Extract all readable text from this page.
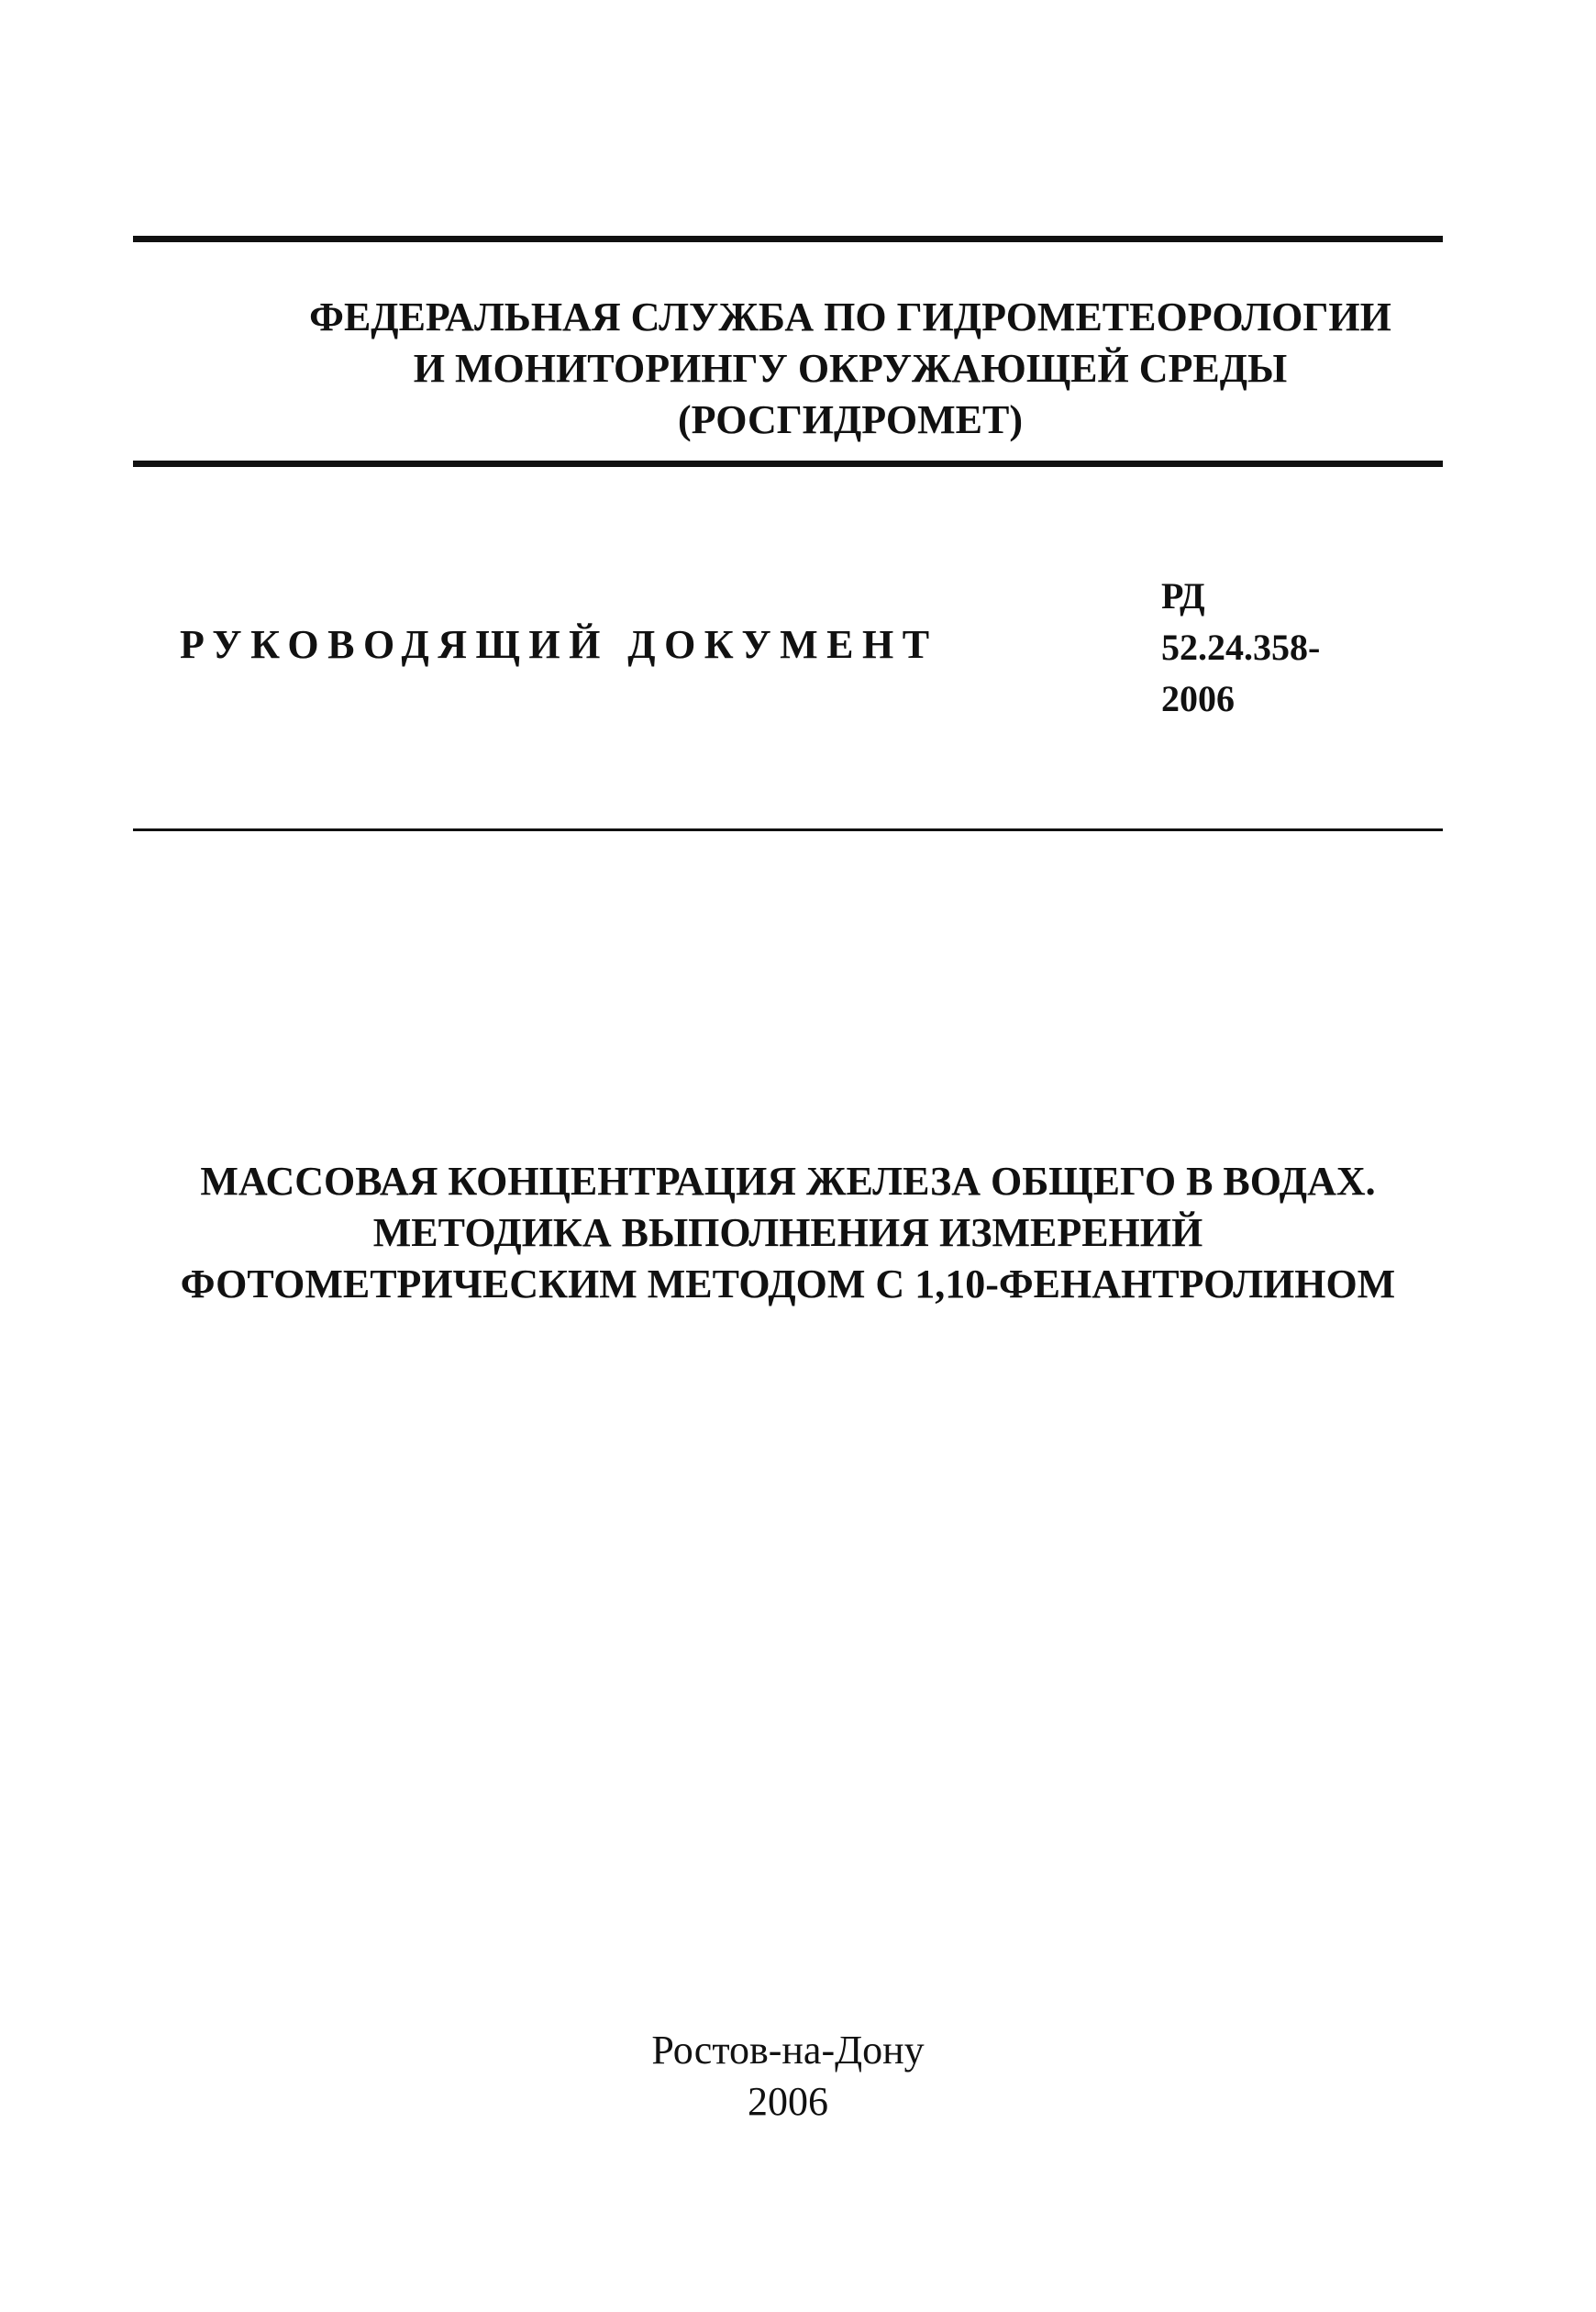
ФЕДЕРАЛЬНАЯ СЛУЖБА ПО ГИДРОМЕТЕОРОЛОГИИ
И МОНИТОРИНГУ ОКРУЖАЮЩЕЙ СРЕДЫ
(РОСГИДРОМЕТ)
РУКОВОДЯЩИЙ ДОКУМЕНТ
РД
52.24.358-
2006
МАССОВАЯ КОНЦЕНТРАЦИЯ ЖЕЛЕЗА ОБЩЕГО В ВОДАХ.
МЕТОДИКА ВЫПОЛНЕНИЯ ИЗМЕРЕНИЙ
ФОТОМЕТРИЧЕСКИМ МЕТОДОМ С 1,10-ФЕНАНТРОЛИНОМ
Ростов-на-Дону
2006
